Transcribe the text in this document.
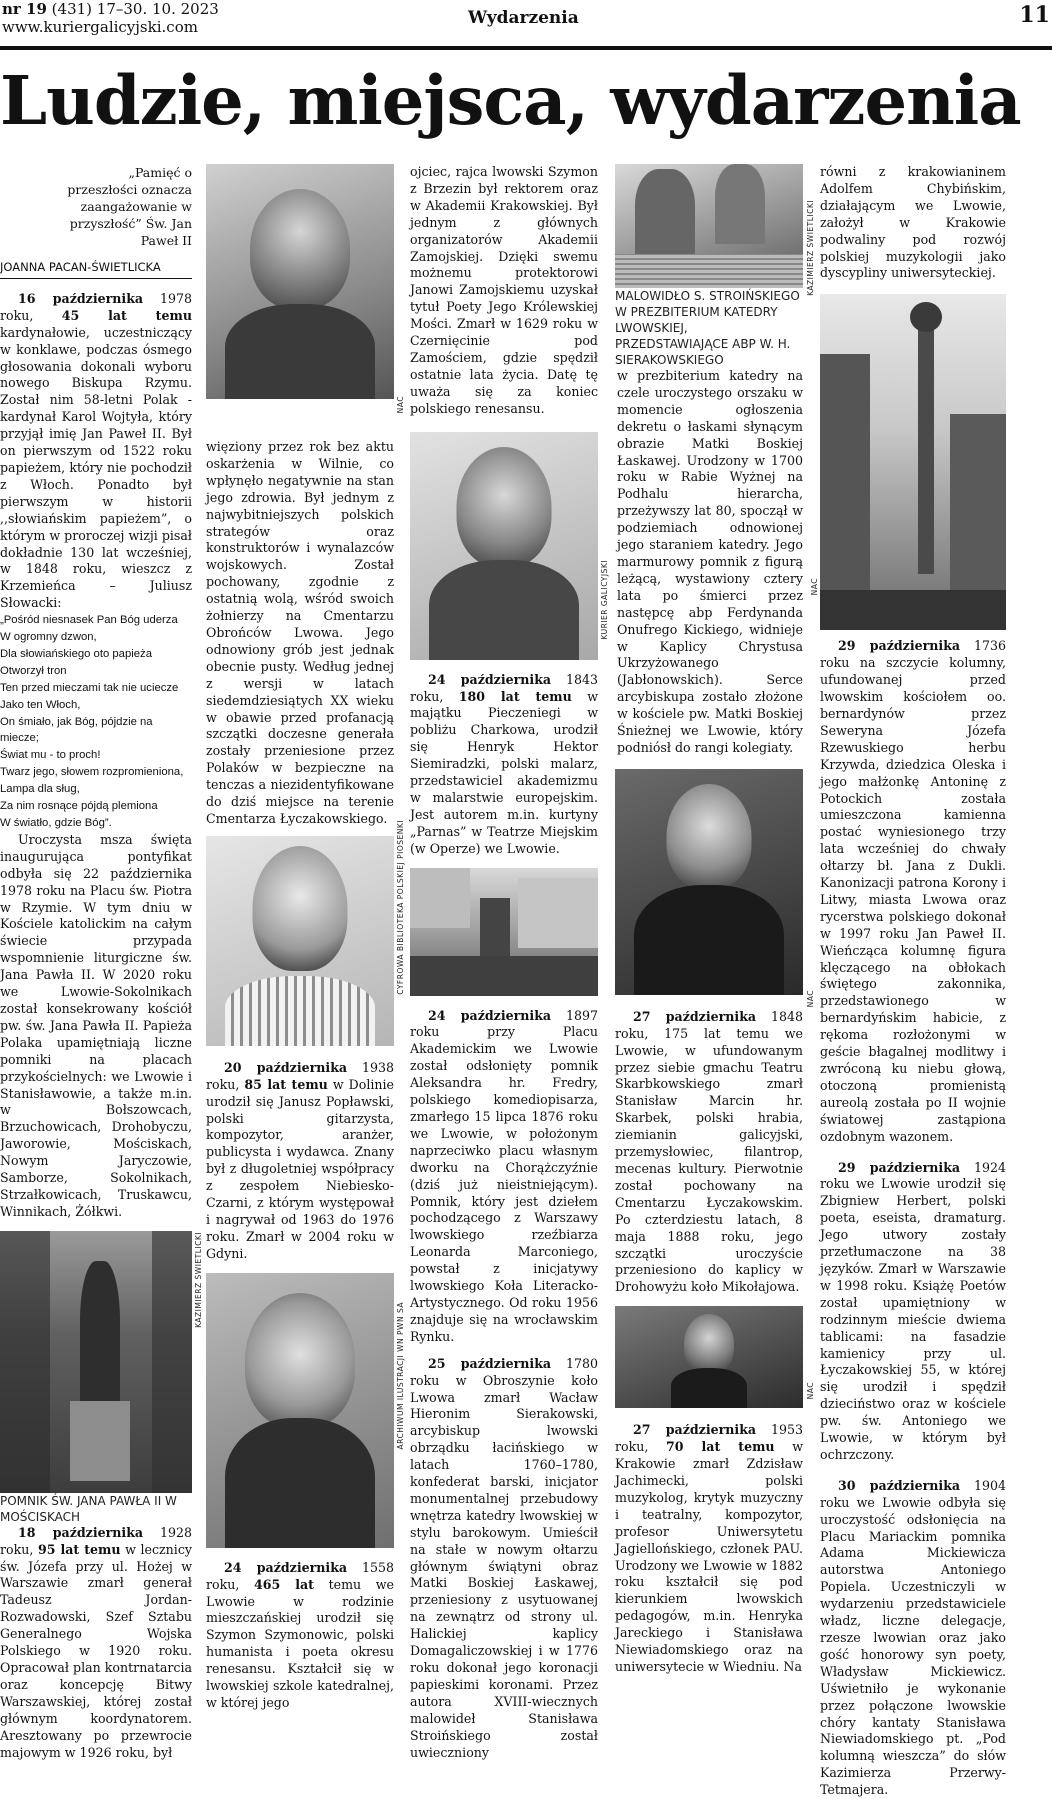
nr 19 (431) 17–30. 10. 2023
www.kuriergalicyjski.com	Wydarzenia	11
Ludzie, miejsca, wydarzenia

„Pamięć o przeszłości oznacza zaangażowanie w przyszłość” Św. Jan Paweł II

JOANNA PACAN-ŚWIETLICKA

16 października 1978 roku, 45 lat temu kardynałowie, uczestniczący w konklawe, podczas ósmego głosowania dokonali wyboru nowego Biskupa Rzymu. Został nim 58-letni Polak - kardynał Karol Wojtyła, który przyjął imię Jan Paweł II. Był on pierwszym od 1522 roku papieżem, który nie pochodził z Włoch. Ponadto był pierwszym w historii ,,słowiańskim papieżem”, o którym w proroczej wizji pisał dokładnie 130 lat wcześniej, w 1848 roku, wieszcz z Krzemieńca – Juliusz Słowacki:

„Pośród niesnasek Pan Bóg uderza
W ogromny dzwon,
Dla słowiańskiego oto papieża
Otworzył tron
Ten przed mieczami tak nie uciecze
Jako ten Włoch,
On śmiało, jak Bóg, pójdzie na miecze;
Świat mu - to proch!
Twarz jego, słowem rozpromieniona,
Lampa dla sług,
Za nim rosnące pójdą plemiona
W światło, gdzie Bóg”.

Uroczysta msza święta inaugurująca pontyfikat odbyła się 22 października 1978 roku na Placu św. Piotra w Rzymie. W tym dniu w Kościele katolickim na całym świecie przypada wspomnienie liturgiczne św. Jana Pawła II. W 2020 roku we Lwowie-Sokolnikach został konsekrowany kościół pw. św. Jana Pawła II. Papieża Polaka upamiętniają liczne pomniki na placach przykościelnych: we Lwowie i Stanisławowie, a także m.in. w Bołszowcach, Brzuchowicach, Drohobyczu, Jaworowie, Mościskach, Nowym Jaryczowie, Samborze, Sokolnikach, Strzałkowicach, Truskawcu, Winnikach, Żółkwi.

POMNIK ŚW. JANA PAWŁA II W MOŚCISKACH

18 października 1928 roku, 95 lat temu w lecznicy św. Józefa przy ul. Hożej w Warszawie zmarł generał Tadeusz Jordan-Rozwadowski, Szef Sztabu Generalnego Wojska Polskiego w 1920 roku. Opracował plan kontrnatarcia oraz koncepcję Bitwy Warszawskiej, której został głównym koordynatorem. Aresztowany po przewrocie majowym w 1926 roku, był

KAZIMIERZ ŚWIETLICKI

więziony przez rok bez aktu oskarżenia w Wilnie, co wpłynęło negatywnie na stan jego zdrowia. Był jednym z najwybitniejszych polskich strategów oraz konstruktorów i wynalazców wojskowych. Został pochowany, zgodnie z ostatnią wolą, wśród swoich żołnierzy na Cmentarzu Obrońców Lwowa. Jego odnowiony grób jest jednak obecnie pusty. Według jednej z wersji w latach siedemdziesiątych XX wieku w obawie przed profanacją szczątki doczesne generała zostały przeniesione przez Polaków w bezpieczne na tenczas a niezidentyfikowane do dziś miejsce na terenie Cmentarza Łyczakowskiego.

20 października 1938 roku, 85 lat temu w Dolinie urodził się Janusz Popławski, polski gitarzysta, kompozytor, aranżer, publicysta i wydawca. Znany był z długoletniej współpracy z zespołem Niebiesko-Czarni, z którym występował i nagrywał od 1963 do 1976 roku. Zmarł w 2004 roku w Gdyni.

24 października 1558 roku, 465 lat temu we Lwowie w rodzinie mieszczańskiej urodził się Szymon Szymonowic, polski humanista i poeta okresu renesansu. Kształcił się w lwowskiej szkole katedralnej, w której jego

NAC
CYFROWA BIBLIOTEKA POLSKIEJ PIOSENKI
ARCHIWUM ILUSTRACJI WN PWN SA

ojciec, rajca lwowski Szymon z Brzezin był rektorem oraz w Akademii Krakowskiej. Był jednym z głównych organizatorów Akademii Zamojskiej. Dzięki swemu możnemu protektorowi Janowi Zamojskiemu uzyskał tytuł Poety Jego Królewskiej Mości. Zmarł w 1629 roku w Czernięcinie pod Zamościem, gdzie spędził ostatnie lata życia. Datę tę uważa się za koniec polskiego renesansu.

24 października 1843 roku, 180 lat temu w majątku Pieczeniegi w pobliżu Charkowa, urodził się Henryk Hektor Siemiradzki, polski malarz, przedstawiciel akademizmu w malarstwie europejskim. Jest autorem m.in. kurtyny „Parnas” w Teatrze Miejskim (w Operze) we Lwowie.

24 października 1897 roku przy Placu Akademickim we Lwowie został odsłonięty pomnik Aleksandra hr. Fredry, polskiego komediopisarza, zmarłego 15 lipca 1876 roku we Lwowie, w położonym naprzeciwko placu własnym dworku na Chorążczyźnie (dziś już nieistniejącym). Pomnik, który jest dziełem pochodzącego z Warszawy lwowskiego rzeźbiarza Leonarda Marconiego, powstał z inicjatywy lwowskiego Koła Literacko-Artystycznego. Od roku 1956 znajduje się na wrocławskim Rynku.

25 października 1780 roku w Obroszynie koło Lwowa zmarł Wacław Hieronim Sierakowski, arcybiskup lwowski obrządku łacińskiego w latach 1760–1780, konfederat barski, inicjator monumentalnej przebudowy wnętrza katedry lwowskiej w stylu barokowym. Umieścił na stałe w nowym ołtarzu głównym świątyni obraz Matki Boskiej Łaskawej, przeniesiony z usytuowanej na zewnątrz od strony ul. Halickiej kaplicy Domagaliczowskiej i w 1776 roku dokonał jego koronacji papieskimi koronami. Przez autora XVIII-wiecznych malowideł Stanisława Stroińskiego został uwieczniony

KURIER GALICYJSKI

MALOWIDŁO S. STROIŃSKIEGO W PREZBITERIUM KATEDRY LWOWSKIEJ, PRZEDSTAWIAJĄCE ABP W. H. SIERAKOWSKIEGO

w prezbiterium katedry na czele uroczystego orszaku w momencie ogłoszenia dekretu o łaskami słynącym obrazie Matki Boskiej Łaskawej. Urodzony w 1700 roku w Rabie Wyżnej na Podhalu hierarcha, przeżywszy lat 80, spoczął w podziemiach odnowionej jego staraniem katedry. Jego marmurowy pomnik z figurą leżącą, wystawiony cztery lata po śmierci przez następcę abp Ferdynanda Onufrego Kickiego, widnieje w Kaplicy Chrystusa Ukrzyżowanego (Jabłonowskich). Serce arcybiskupa zostało złożone w kościele pw. Matki Boskiej Śnieżnej we Lwowie, który podniósł do rangi kolegiaty.

27 października 1848 roku, 175 lat temu we Lwowie, w ufundowanym przez siebie gmachu Teatru Skarbkowskiego zmarł Stanisław Marcin hr. Skarbek, polski hrabia, ziemianin galicyjski, przemysłowiec, filantrop, mecenas kultury. Pierwotnie został pochowany na Cmentarzu Łyczakowskim. Po czterdziestu latach, 8 maja 1888 roku, jego szczątki uroczyście przeniesiono do kaplicy w Drohowyżu koło Mikołajowa.

27 października 1953 roku, 70 lat temu w Krakowie zmarł Zdzisław Jachimecki, polski muzykolog, krytyk muzyczny i teatralny, kompozytor, profesor Uniwersytetu Jagiellońskiego, członek PAU. Urodzony we Lwowie w 1882 roku kształcił się pod kierunkiem lwowskich pedagogów, m.in. Henryka Jareckiego i Stanisława Niewiadomskiego oraz na uniwersytecie w Wiedniu. Na

KAZIMIERZ ŚWIETLICKI
NAC
NAC

równi z krakowianinem Adolfem Chybińskim, działającym we Lwowie, założył w Krakowie podwaliny pod rozwój polskiej muzykologii jako dyscypliny uniwersyteckiej.

29 października 1736 roku na szczycie kolumny, ufundowanej przed lwowskim kościołem oo. bernardynów przez Seweryna Józefa Rzewuskiego herbu Krzywda, dziedzica Oleska i jego małżonkę Antoninę z Potockich została umieszczona kamienna postać wyniesionego trzy lata wcześniej do chwały ołtarzy bł. Jana z Dukli. Kanonizacji patrona Korony i Litwy, miasta Lwowa oraz rycerstwa polskiego dokonał w 1997 roku Jan Paweł II. Wieńcząca kolumnę figura klęczącego na obłokach świętego zakonnika, przedstawionego w bernardyńskim habicie, z rękoma rozłożonymi w geście błagalnej modlitwy i zwróconą ku niebu głową, otoczoną promienistą aureolą została po II wojnie światowej zastąpiona ozdobnym wazonem.

29 października 1924 roku we Lwowie urodził się Zbigniew Herbert, polski poeta, eseista, dramaturg. Jego utwory zostały przetłumaczone na 38 języków. Zmarł w Warszawie w 1998 roku. Książę Poetów został upamiętniony w rodzinnym mieście dwiema tablicami: na fasadzie kamienicy przy ul. Łyczakowskiej 55, w której się urodził i spędził dzieciństwo oraz w kościele pw. św. Antoniego we Lwowie, w którym był ochrzczony.

30 października 1904 roku we Lwowie odbyła się uroczystość odsłonięcia na Placu Mariackim pomnika Adama Mickiewicza autorstwa Antoniego Popiela. Uczestniczyli w wydarzeniu przedstawiciele władz, liczne delegacje, rzesze lwowian oraz jako gość honorowy syn poety, Władysław Mickiewicz. Uświetniło je wykonanie przez połączone lwowskie chóry kantaty Stanisława Niewiadomskiego pt. „Pod kolumną wieszcza” do słów Kazimierza Przerwy-Tetmajera.

NAC
